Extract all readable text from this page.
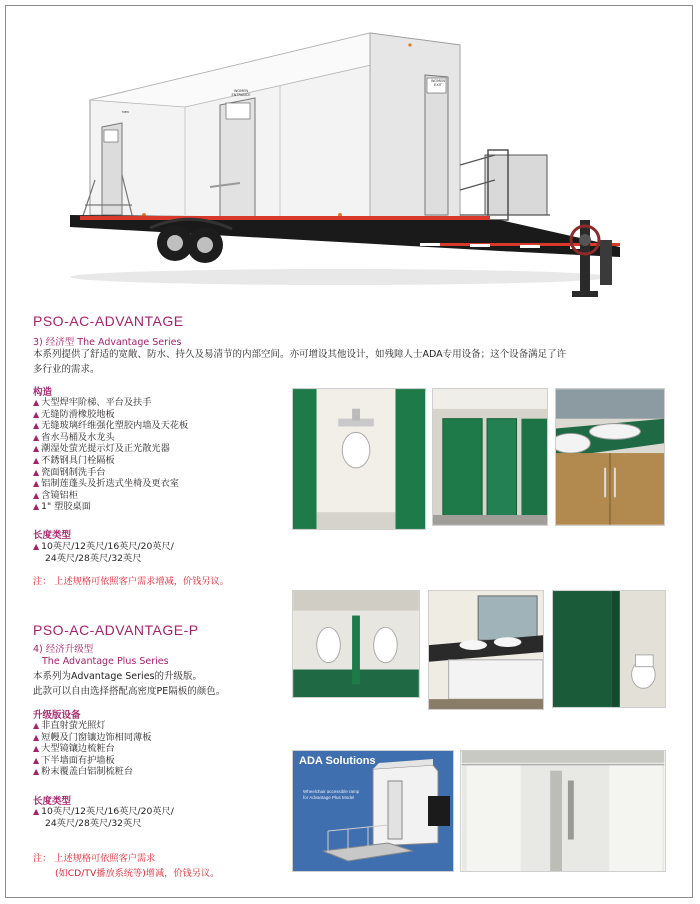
MEN
WOMEN ENTRANCE
WOMEN EXIT
PSO-AC-ADVANTAGE
3) 经济型 The Advantage Series
本系列提供了舒适的宽敞、防水、持久及易清节的内部空间。亦可增设其他设计，如残障人士ADA专用设备；这个设备满足了许
多行业的需求。
构造
▲ 大型焊牢阶梯、平台及扶手
▲ 无缝防滑橡胶地板
▲ 无缝玻璃纤维强化塑胶内墙及天花板
▲ 省水马桶及水龙头
▲ 潮湿处萤光提示灯及正光散光器
▲ 不銹钢具门栓隔板
▲ 瓷面钢制洗手台
▲ 铝制莲蓬头及折迭式坐椅及更衣室
▲ 含镜铝柜
▲ 1" 塑胶桌面
长度类型
▲ 10英尺/12英尺/16英尺/20英尺/
24英尺/28英尺/32英尺
注： 上述规格可依照客户需求增减，价钱另议。
PSO-AC-ADVANTAGE-P
4) 经济升级型
The Advantage Plus Series
本系列为Advantage Series的升级版。
此款可以自由选择搭配高密度PE隔板的颜色。
升级版设备
▲ 非直射萤光照灯
▲ 短幔及门窗镶边饰相同薄板
▲ 大型镜镶边梳粧台
▲ 下半墙面有护墙板
▲ 粉末覆盖白铝制梳粧台
长度类型
▲ 10英尺/12英尺/16英尺/20英尺/
24英尺/28英尺/32英尺
注： 上述规格可依照客户需求
(如CD/TV播放系统等)增减，价钱另议。
ADA Solutions
Wheelchair accessible ramp
for Advantage Plus Model
